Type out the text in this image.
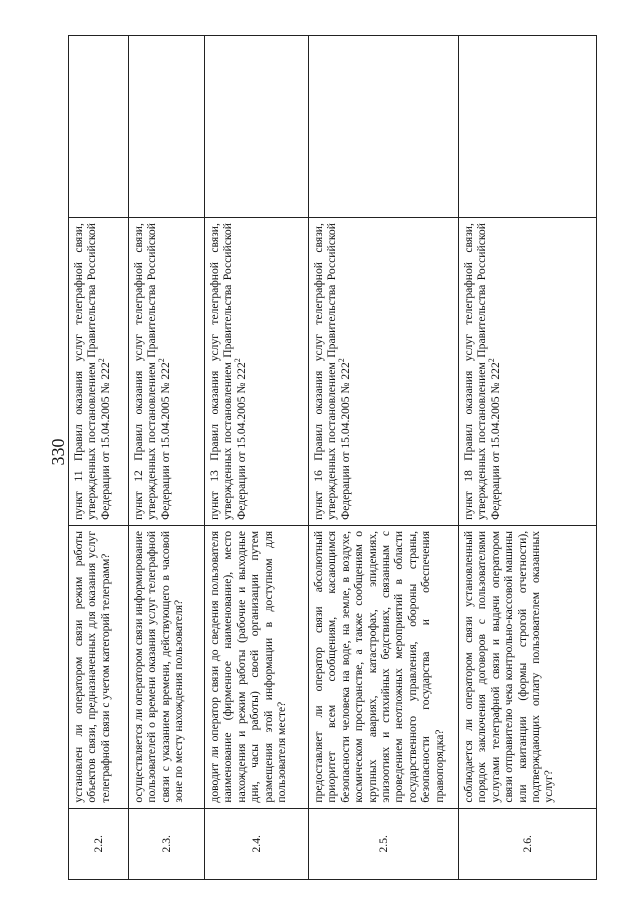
330
2.2.	установлен ли оператором связи режим работы объектов связи, предназначенных для оказания услуг телеграфной связи с учетом категорий телеграмм?	пункт 11 Правил оказания услуг телеграфной связи, утвержденных постановлением Правительства Российской Федерации от 15.04.2005 № $222^2$	
2.3.	осуществляется ли оператором связи информирование пользователей о времени оказания услуг телеграфной связи с указанием времени, действующего в часовой зоне по месту нахождения пользователя?	пункт 12 Правил оказания услуг телеграфной связи, утвержденных постановлением Правительства Российской Федерации от 15.04.2005 № $222^2$	
2.4.	доводит ли оператор связи до сведения пользователя наименование (фирменное наименование), место нахождения и режим работы (рабочие и выходные дни, часы работы) своей организации путем размещения этой информации в доступном для пользователя месте?	пункт 13 Правил оказания услуг телеграфной связи, утвержденных постановлением Правительства Российской Федерации от 15.04.2005 № $222^2$	
2.5.	предоставляет ли оператор связи абсолютный приоритет всем сообщениям, касающимся безопасности человека на воде, на земле, в воздухе, космическом пространстве, а также сообщениям о крупных авариях, катастрофах, эпидемиях, эпизоотиях и стихийных бедствиях, связанным с проведением неотложных мероприятий в области государственного управления, обороны страны, безопасности государства и обеспечения правопорядка?	пункт 16 Правил оказания услуг телеграфной связи, утвержденных постановлением Правительства Российской Федерации от 15.04.2005 № $222^2$	
2.6.	соблюдается ли оператором связи установленный порядок заключения договоров с пользователями услугами телеграфной связи и выдачи оператором связи отправителю чека контрольно-кассовой машины или квитанции (формы строгой отчетности), подтверждающих оплату пользователем оказанных услуг?	пункт 18 Правил оказания услуг телеграфной связи, утвержденных постановлением Правительства Российской Федерации от 15.04.2005 № $222^2$	
